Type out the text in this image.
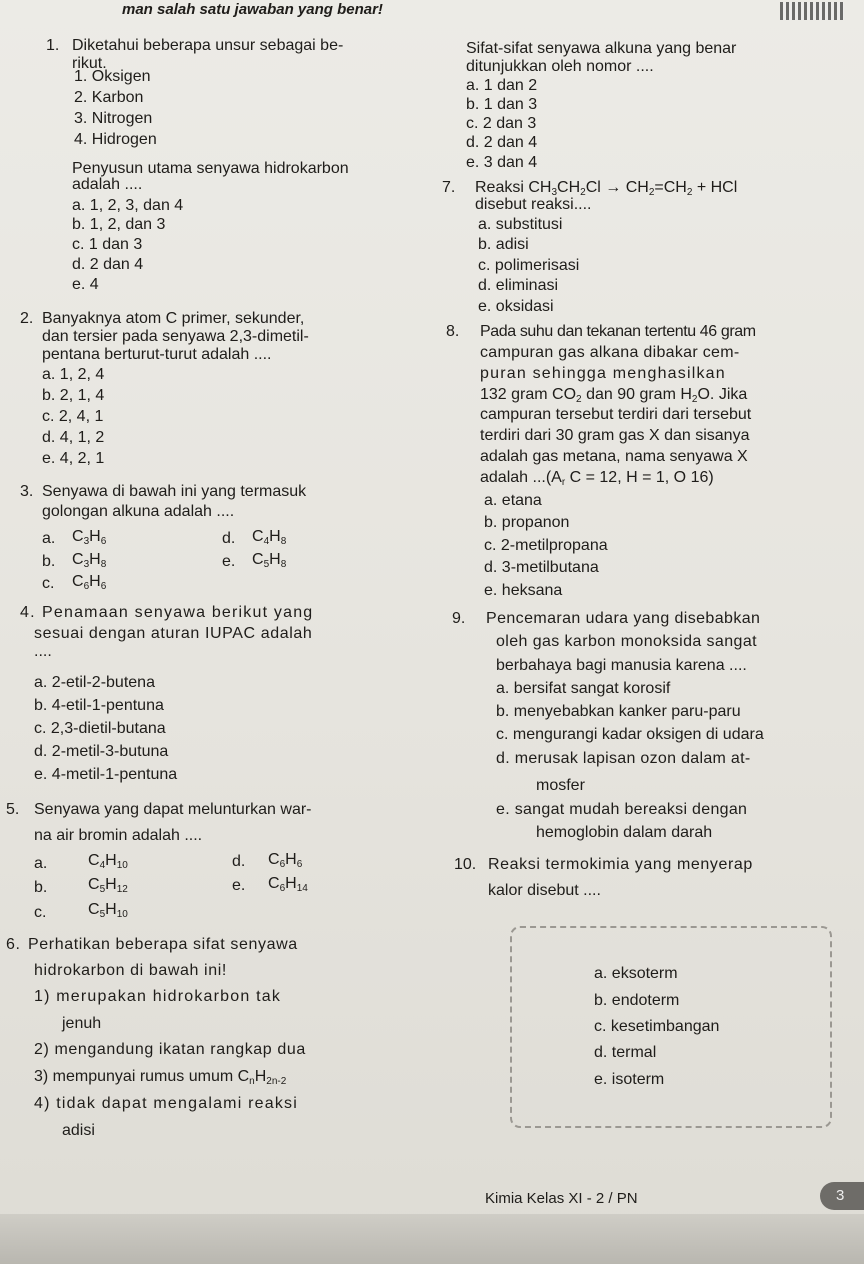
man salah satu jawaban yang benar!
1. Diketahui beberapa unsur sebagai be-
rikut.
1. Oksigen
2. Karbon
3. Nitrogen
4. Hidrogen
Penyusun utama senyawa hidrokarbon
adalah ....
a. 1, 2, 3, dan 4
b. 1, 2, dan 3
c. 1 dan 3
d. 2 dan 4
e. 4
2. Banyaknya atom C primer, sekunder,
dan tersier pada senyawa 2,3-dimetil-
pentana berturut-turut adalah ....
a. 1, 2, 4
b. 2, 1, 4
c. 2, 4, 1
d. 4, 1, 2
e. 4, 2, 1
3. Senyawa di bawah ini yang termasuk
golongan alkuna adalah ....
a. $C_3H_6$	d. $C_4H_8$
b. $C_3H_8$	e. $C_5H_8$
c. $C_6H_6$
4. Penamaan senyawa berikut yang
sesuai dengan aturan IUPAC adalah
....
a. 2-etil-2-butena
b. 4-etil-1-pentuna
c. 2,3-dietil-butana
d. 2-metil-3-butuna
e. 4-metil-1-pentuna
5. Senyawa yang dapat melunturkan war-
na air bromin adalah ....
a.	$C_4H_{10}$	d. $C_6H_6$
b.	$C_5H_{12}$	e. $C_6H_{14}$
c.	$C_5H_{10}$
6. Perhatikan beberapa sifat senyawa
hidrokarbon di bawah ini!
1) merupakan hidrokarbon tak
jenuh
2) mengandung ikatan rangkap dua
3) mempunyai rumus umum $C_nH_{2n-2}$
4) tidak dapat mengalami reaksi
adisi
Sifat-sifat senyawa alkuna yang benar
ditunjukkan oleh nomor ....
a. 1 dan 2
b. 1 dan 3
c. 2 dan 3
d. 2 dan 4
e. 3 dan 4
7. Reaksi $CH_3CH_2Cl \to CH_2=CH_2$ + HCl
disebut reaksi....
a. substitusi
b. adisi
c. polimerisasi
d. eliminasi
e. oksidasi
8. Pada suhu dan tekanan tertentu 46 gram
campuran gas alkana dibakar cem-
puran sehingga menghasilkan
132 gram $CO_2$ dan 90 gram $H_2O$. Jika
campuran tersebut terdiri dari tersebut
terdiri dari 30 gram gas X dan sisanya
adalah gas metana, nama senyawa X
adalah $...(A_r$ C = 12, H = 1, O 16)
a. etana
b. propanon
c. 2-metilpropana
d. 3-metilbutana
e. heksana
9. Pencemaran udara yang disebabkan
oleh gas karbon monoksida sangat
berbahaya bagi manusia karena ....
a. bersifat sangat korosif
b. menyebabkan kanker paru-paru
c. mengurangi kadar oksigen di udara
d. merusak lapisan ozon dalam at-
mosfer
e. sangat mudah bereaksi dengan
hemoglobin dalam darah
10. Reaksi termokimia yang menyerap
kalor disebut ....
a. eksoterm
b. endoterm
c. kesetimbangan
d. termal
e. isoterm
Kimia Kelas XI - 2 / PN	3
